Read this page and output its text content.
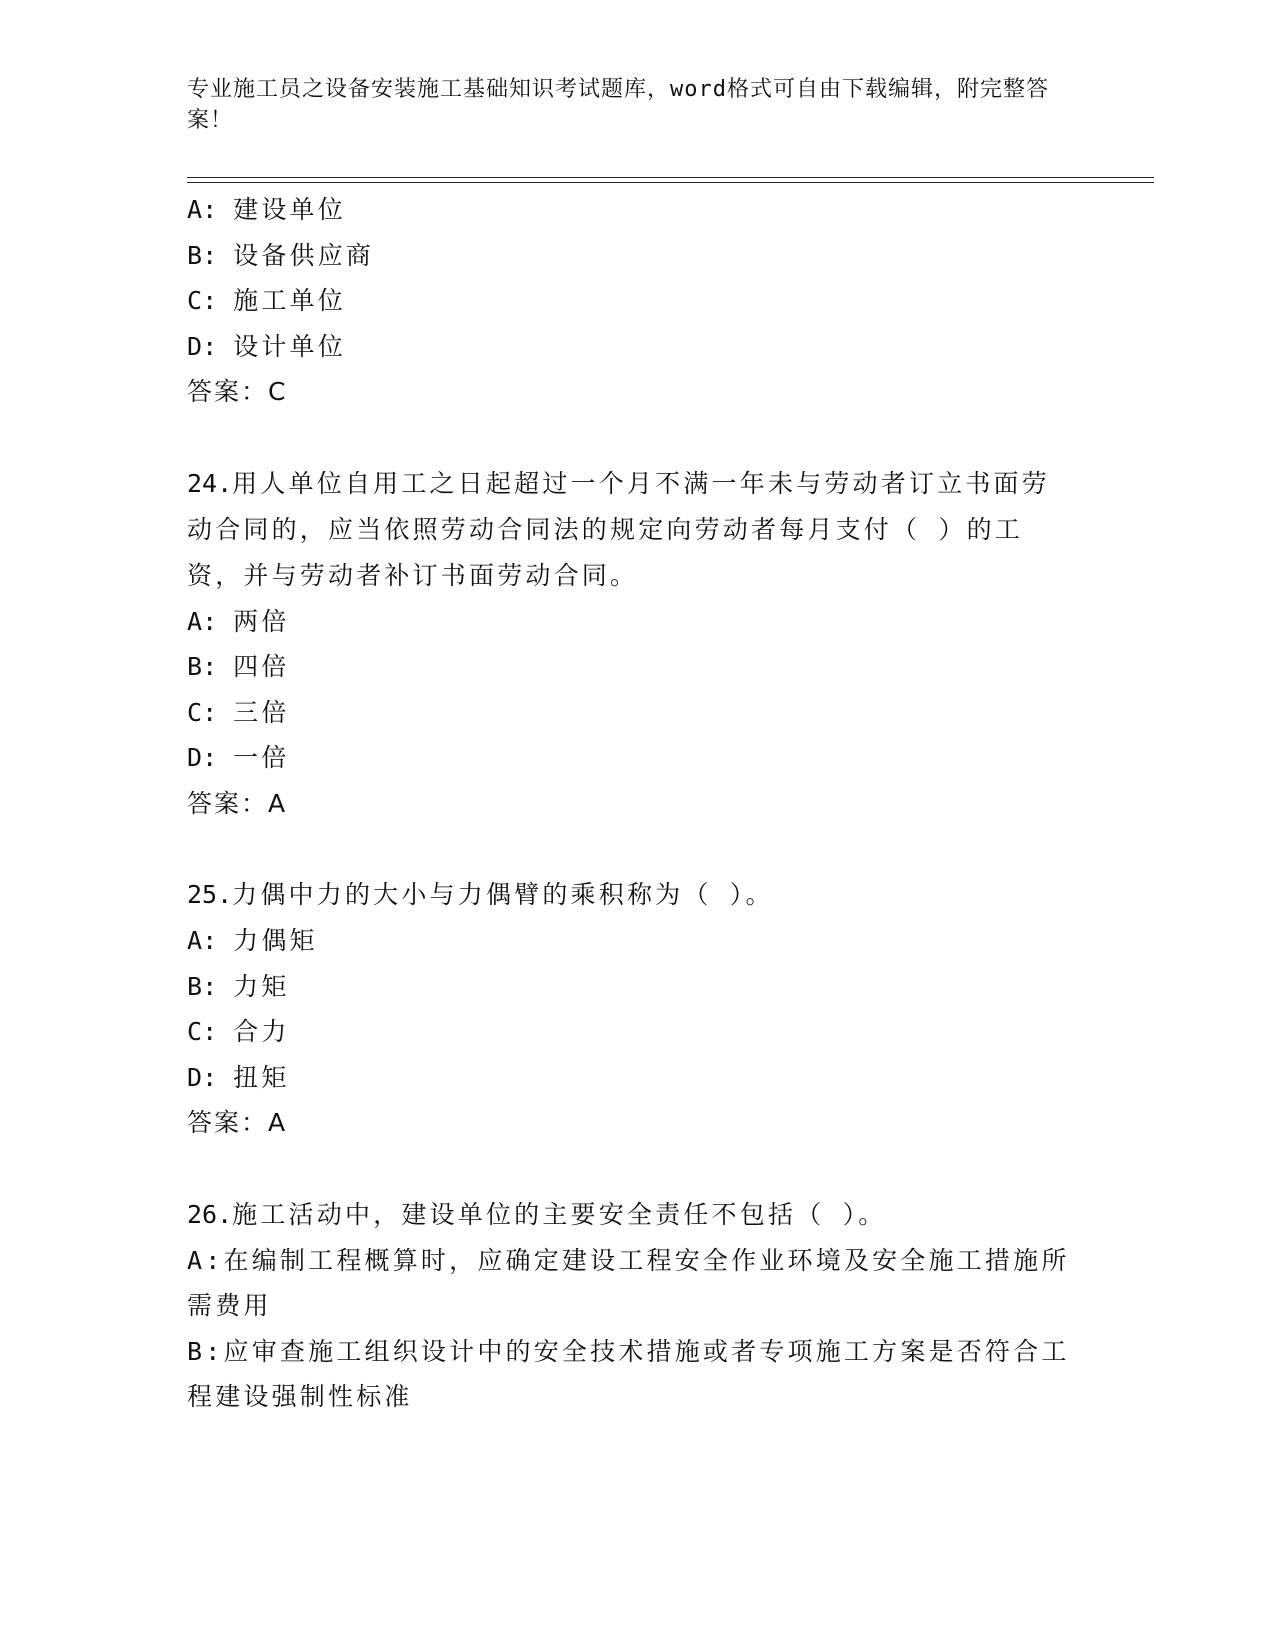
专业施工员之设备安装施工基础知识考试题库，word格式可自由下载编辑，附完整答案！
A: 建设单位
B: 设备供应商
C: 施工单位
D: 设计单位
答案：C
24.用人单位自用工之日起超过一个月不满一年未与劳动者订立书面劳动合同的，应当依照劳动合同法的规定向劳动者每月支付（ ）的工资，并与劳动者补订书面劳动合同。
A: 两倍
B: 四倍
C: 三倍
D: 一倍
答案：A
25.力偶中力的大小与力偶臂的乘积称为（ ）。
A: 力偶矩
B: 力矩
C: 合力
D: 扭矩
答案：A
26.施工活动中，建设单位的主要安全责任不包括（ ）。
A:在编制工程概算时，应确定建设工程安全作业环境及安全施工措施所需费用
B:应审查施工组织设计中的安全技术措施或者专项施工方案是否符合工程建设强制性标准
